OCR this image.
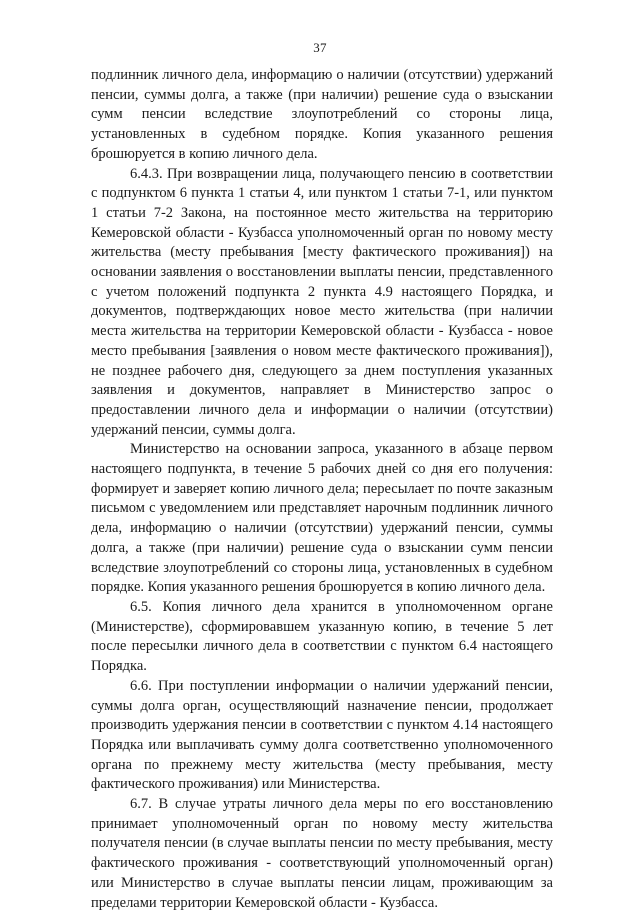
37

подлинник личного дела, информацию о наличии (отсутствии) удержаний пенсии, суммы долга, а также (при наличии) решение суда о взыскании сумм пенсии вследствие злоупотреблений со стороны лица, установленных в судебном порядке. Копия указанного решения брошюруется в копию личного дела.

6.4.3. При возвращении лица, получающего пенсию в соответствии с подпунктом 6 пункта 1 статьи 4, или пунктом 1 статьи 7-1, или пунктом 1 статьи 7-2 Закона, на постоянное место жительства на территорию Кемеровской области - Кузбасса уполномоченный орган по новому месту жительства (месту пребывания [месту фактического проживания]) на основании заявления о восстановлении выплаты пенсии, представленного с учетом положений подпункта 2 пункта 4.9 настоящего Порядка, и документов, подтверждающих новое место жительства (при наличии места жительства на территории Кемеровской области - Кузбасса - новое место пребывания [заявления о новом месте фактического проживания]), не позднее рабочего дня, следующего за днем поступления указанных заявления и документов, направляет в Министерство запрос о предоставлении личного дела и информации о наличии (отсутствии) удержаний пенсии, суммы долга.

Министерство на основании запроса, указанного в абзаце первом настоящего подпункта, в течение 5 рабочих дней со дня его получения: формирует и заверяет копию личного дела; пересылает по почте заказным письмом с уведомлением или представляет нарочным подлинник личного дела, информацию о наличии (отсутствии) удержаний пенсии, суммы долга, а также (при наличии) решение суда о взыскании сумм пенсии вследствие злоупотреблений со стороны лица, установленных в судебном порядке. Копия указанного решения брошюруется в копию личного дела.

6.5. Копия личного дела хранится в уполномоченном органе (Министерстве), сформировавшем указанную копию, в течение 5 лет после пересылки личного дела в соответствии с пунктом 6.4 настоящего Порядка.

6.6. При поступлении информации о наличии удержаний пенсии, суммы долга орган, осуществляющий назначение пенсии, продолжает производить удержания пенсии в соответствии с пунктом 4.14 настоящего Порядка или выплачивать сумму долга соответственно уполномоченного органа по прежнему месту жительства (месту пребывания, месту фактического проживания) или Министерства.

6.7. В случае утраты личного дела меры по его восстановлению принимает уполномоченный орган по новому месту жительства получателя пенсии (в случае выплаты пенсии по месту пребывания, месту фактического проживания - соответствующий уполномоченный орган) или Министерство в случае выплаты пенсии лицам, проживающим за пределами территории Кемеровской области - Кузбасса.
